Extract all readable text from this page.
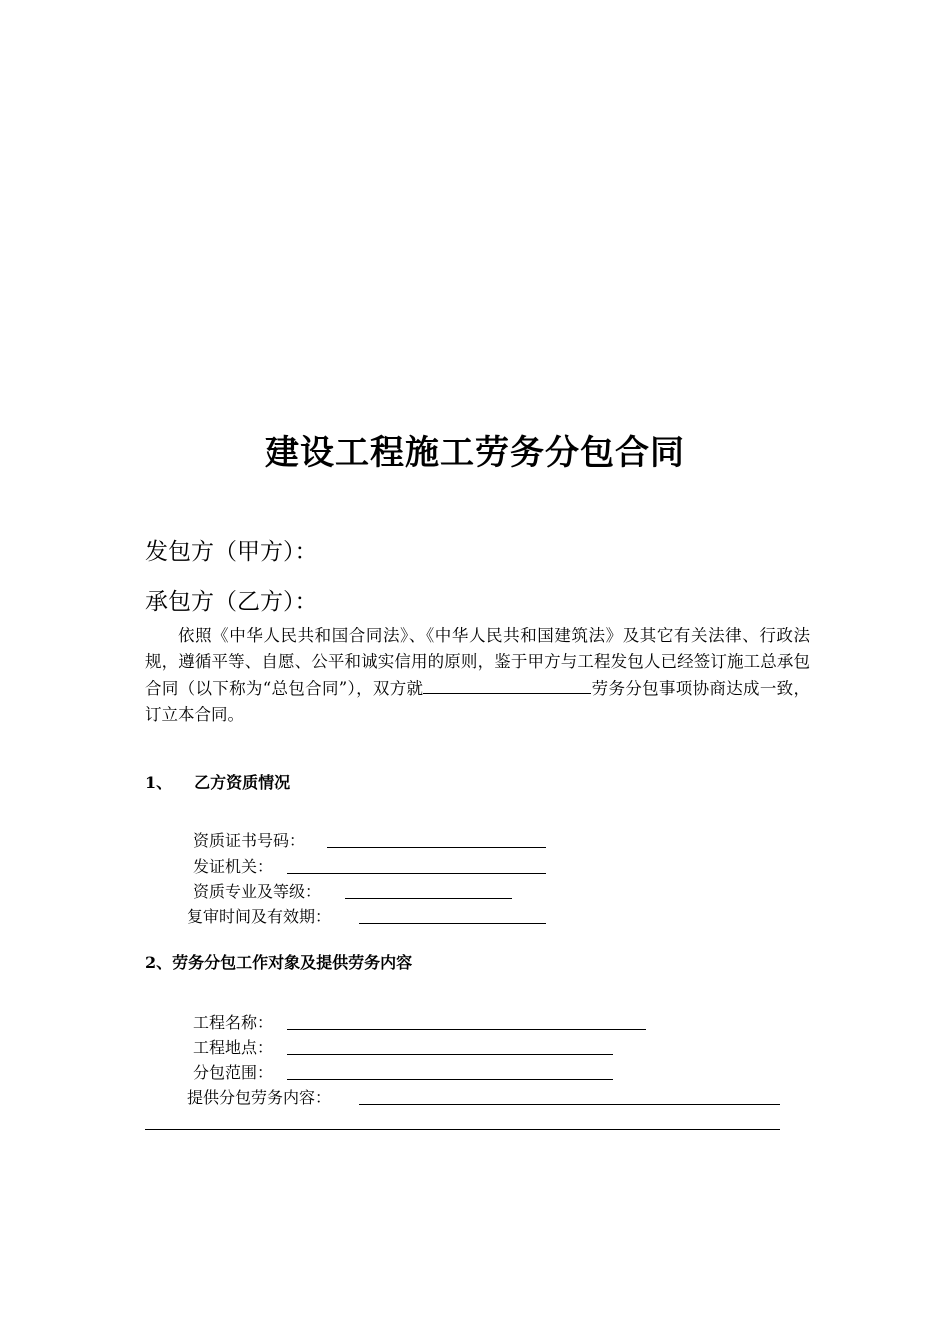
建设工程施工劳务分包合同
发包方（甲方）：
承包方（乙方）：
依照《中华人民共和国合同法》、《中华人民共和国建筑法》及其它有关法律、行政法规，遵循平等、自愿、公平和诚实信用的原则，鉴于甲方与工程发包人已经签订施工总承包合同（以下称为“总包合同”），双方就	劳务分包事项协商达成一致，订立本合同。
1、 乙方资质情况
资质证书号码：
发证机关：
资质专业及等级：
复审时间及有效期：
2、劳务分包工作对象及提供劳务内容
工程名称：
工程地点：
分包范围：
提供分包劳务内容：
